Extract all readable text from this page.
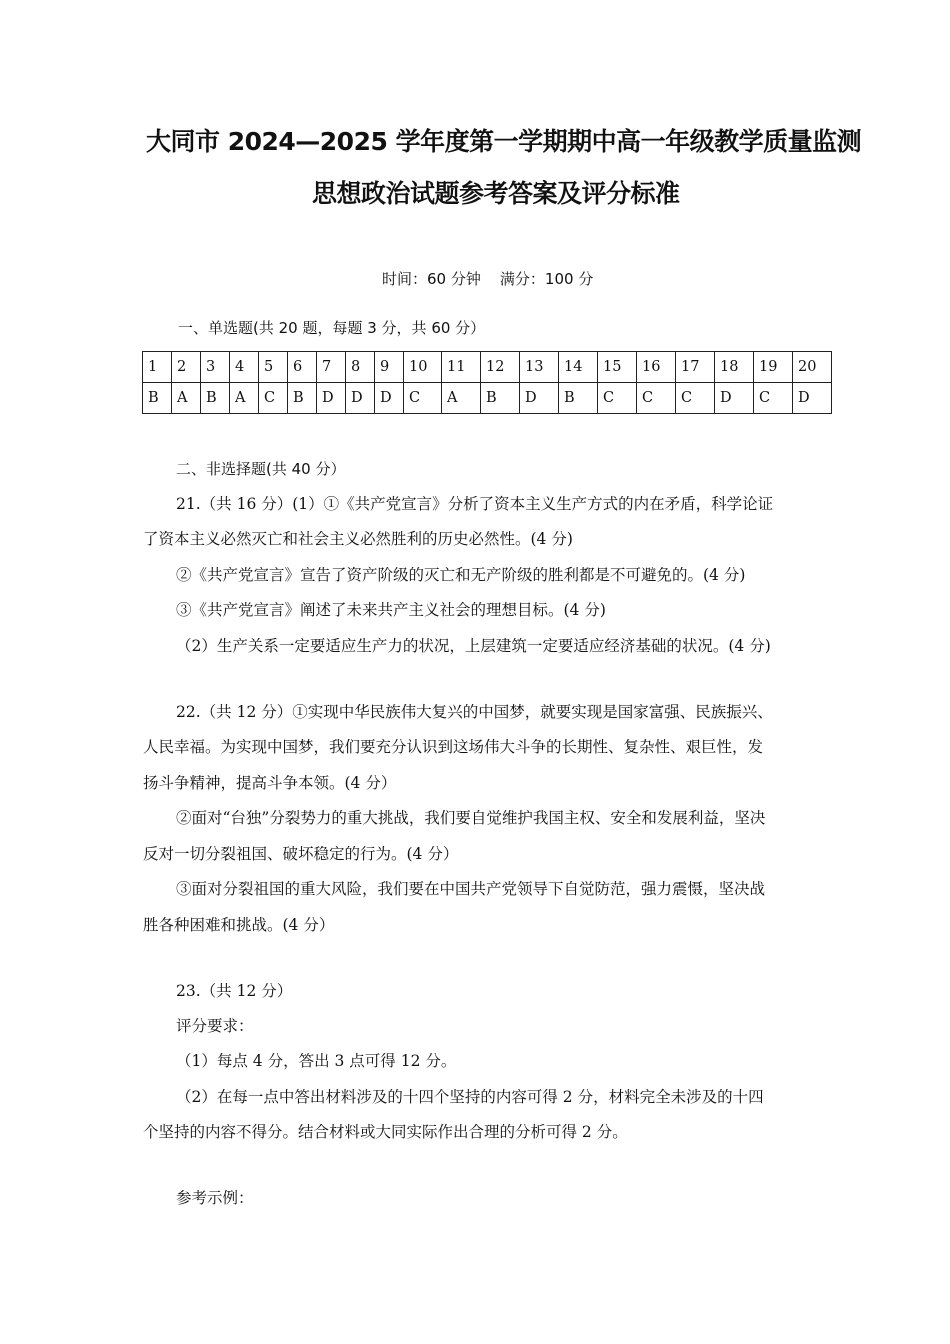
大同市 2024—2025 学年度第一学期期中高一年级教学质量监测
思想政治试题参考答案及评分标准
时间：60 分钟    满分：100 分
一、单选题(共 20 题，每题 3 分，共 60 分）
1	2	3	4	5	6	7	8	9	10	11	12	13	14	15	16	17	18	19	20
B	A	B	A	C	B	D	D	D	C	A	B	D	B	C	C	C	D	C	D
二、非选择题(共 40 分）
21.（共 16 分）(1）①《共产党宣言》分析了资本主义生产方式的内在矛盾，科学论证
了资本主义必然灭亡和社会主义必然胜利的历史必然性。(4 分)
②《共产党宣言》宣告了资产阶级的灭亡和无产阶级的胜利都是不可避免的。(4 分)
③《共产党宣言》阐述了未来共产主义社会的理想目标。(4 分)
（2）生产关系一定要适应生产力的状况，上层建筑一定要适应经济基础的状况。(4 分)
22.（共 12 分）①实现中华民族伟大复兴的中国梦，就要实现是国家富强、民族振兴、
人民幸福。为实现中国梦，我们要充分认识到这场伟大斗争的长期性、复杂性、艰巨性，发
扬斗争精神，提高斗争本领。(4 分）
②面对“台独”分裂势力的重大挑战，我们要自觉维护我国主权、安全和发展利益，坚决
反对一切分裂祖国、破坏稳定的行为。(4 分）
③面对分裂祖国的重大风险，我们要在中国共产党领导下自觉防范，强力震慑，坚决战
胜各种困难和挑战。(4 分）
23.（共 12 分）
评分要求：
（1）每点 4 分，答出 3 点可得 12 分。
（2）在每一点中答出材料涉及的十四个坚持的内容可得 2 分，材料完全未涉及的十四
个坚持的内容不得分。结合材料或大同实际作出合理的分析可得 2 分。
参考示例：
